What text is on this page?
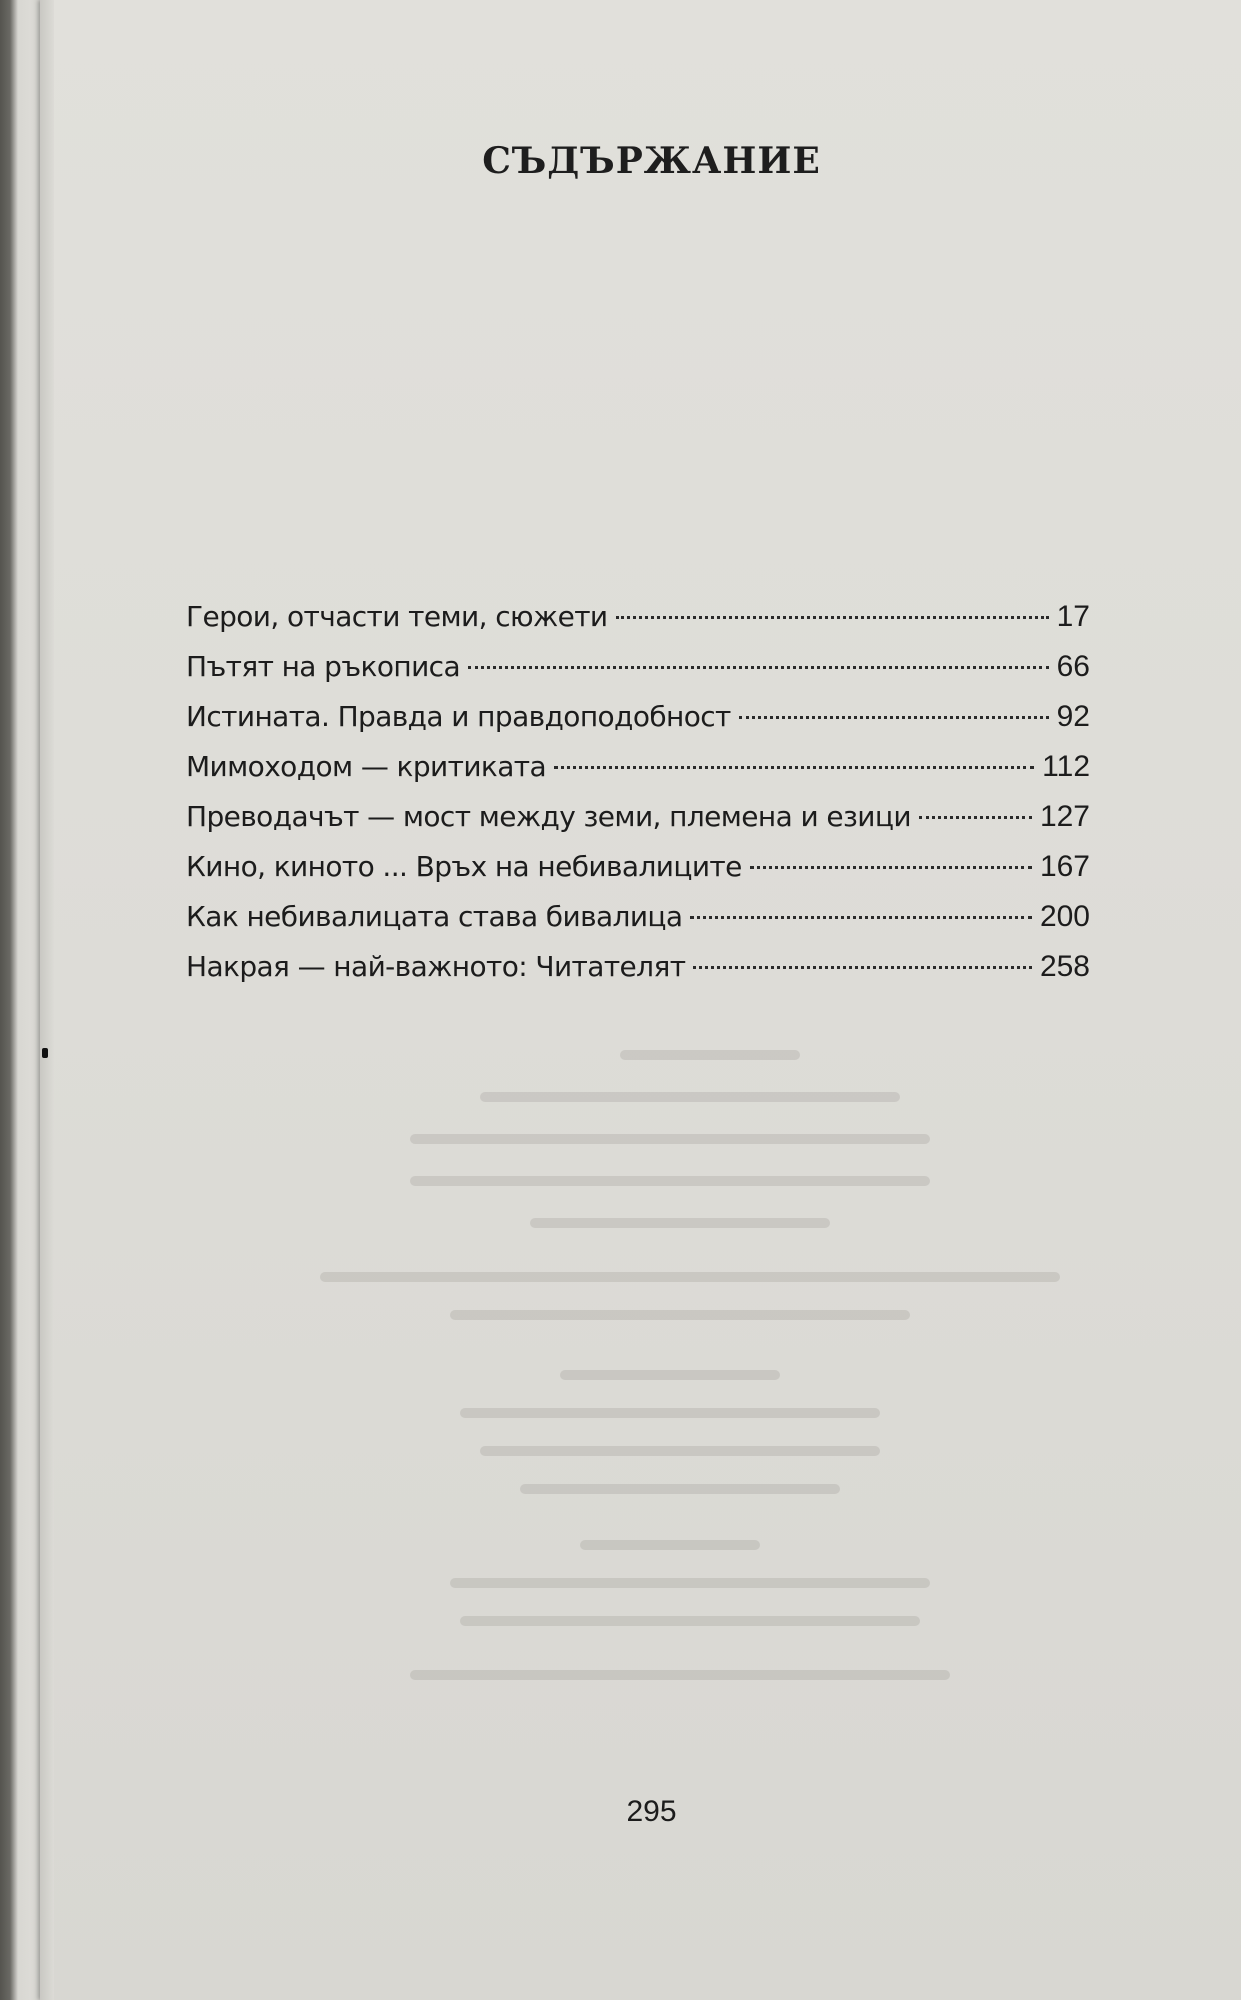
СЪДЪРЖАНИЕ
Герои, отчасти теми, сюжети	17
Пътят на ръкописа	66
Истината. Правда и правдоподобност	92
Мимоходом — критиката	112
Преводачът — мост между земи, племена и езици	127
Кино, киното ... Връх на небивалиците	167
Как небивалицата става бивалица	200
Накрая — най-важното: Читателят	258
295
